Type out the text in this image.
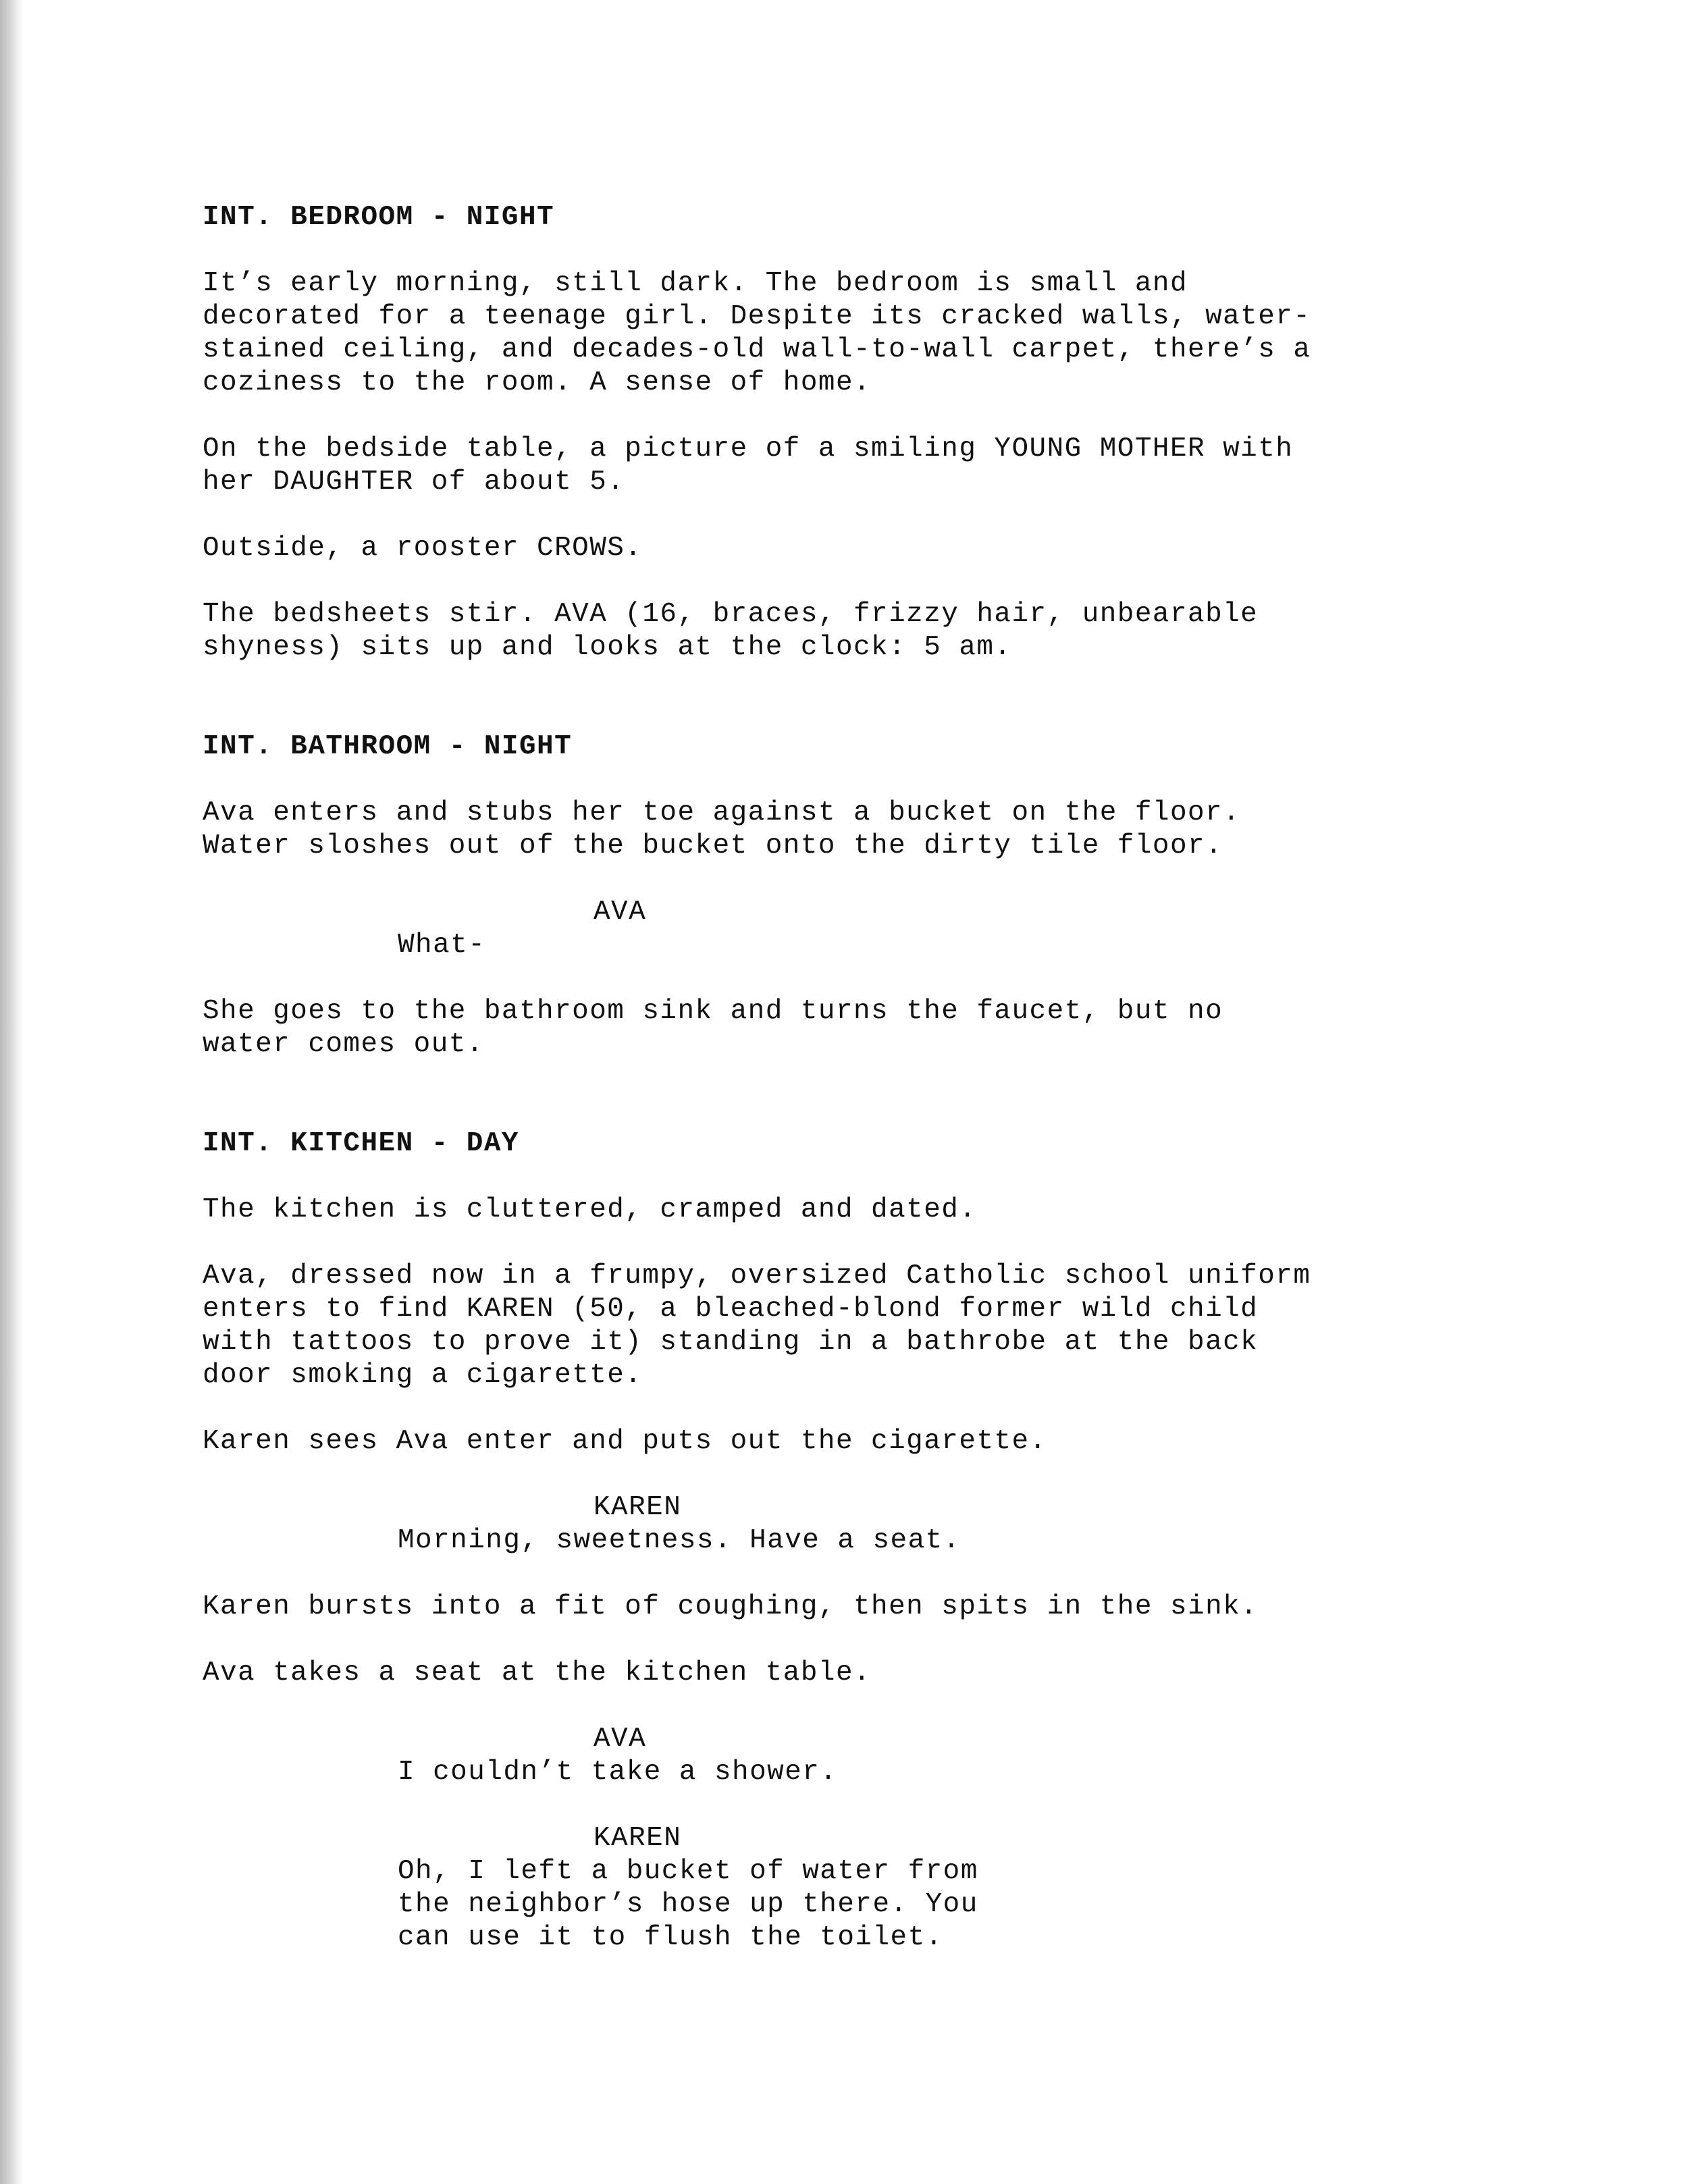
INT. BEDROOM - NIGHT
It’s early morning, still dark. The bedroom is small and
decorated for a teenage girl. Despite its cracked walls, water-
stained ceiling, and decades-old wall-to-wall carpet, there’s a
coziness to the room. A sense of home.
On the bedside table, a picture of a smiling YOUNG MOTHER with
her DAUGHTER of about 5.
Outside, a rooster CROWS.
The bedsheets stir. AVA (16, braces, frizzy hair, unbearable
shyness) sits up and looks at the clock: 5 am.
INT. BATHROOM - NIGHT
Ava enters and stubs her toe against a bucket on the floor.
Water sloshes out of the bucket onto the dirty tile floor.
AVA
What-
She goes to the bathroom sink and turns the faucet, but no
water comes out.
INT. KITCHEN - DAY
The kitchen is cluttered, cramped and dated.
Ava, dressed now in a frumpy, oversized Catholic school uniform
enters to find KAREN (50, a bleached-blond former wild child
with tattoos to prove it) standing in a bathrobe at the back
door smoking a cigarette.
Karen sees Ava enter and puts out the cigarette.
KAREN
Morning, sweetness. Have a seat.
Karen bursts into a fit of coughing, then spits in the sink.
Ava takes a seat at the kitchen table.
AVA
I couldn’t take a shower.
KAREN
Oh, I left a bucket of water from
the neighbor’s hose up there. You
can use it to flush the toilet.
